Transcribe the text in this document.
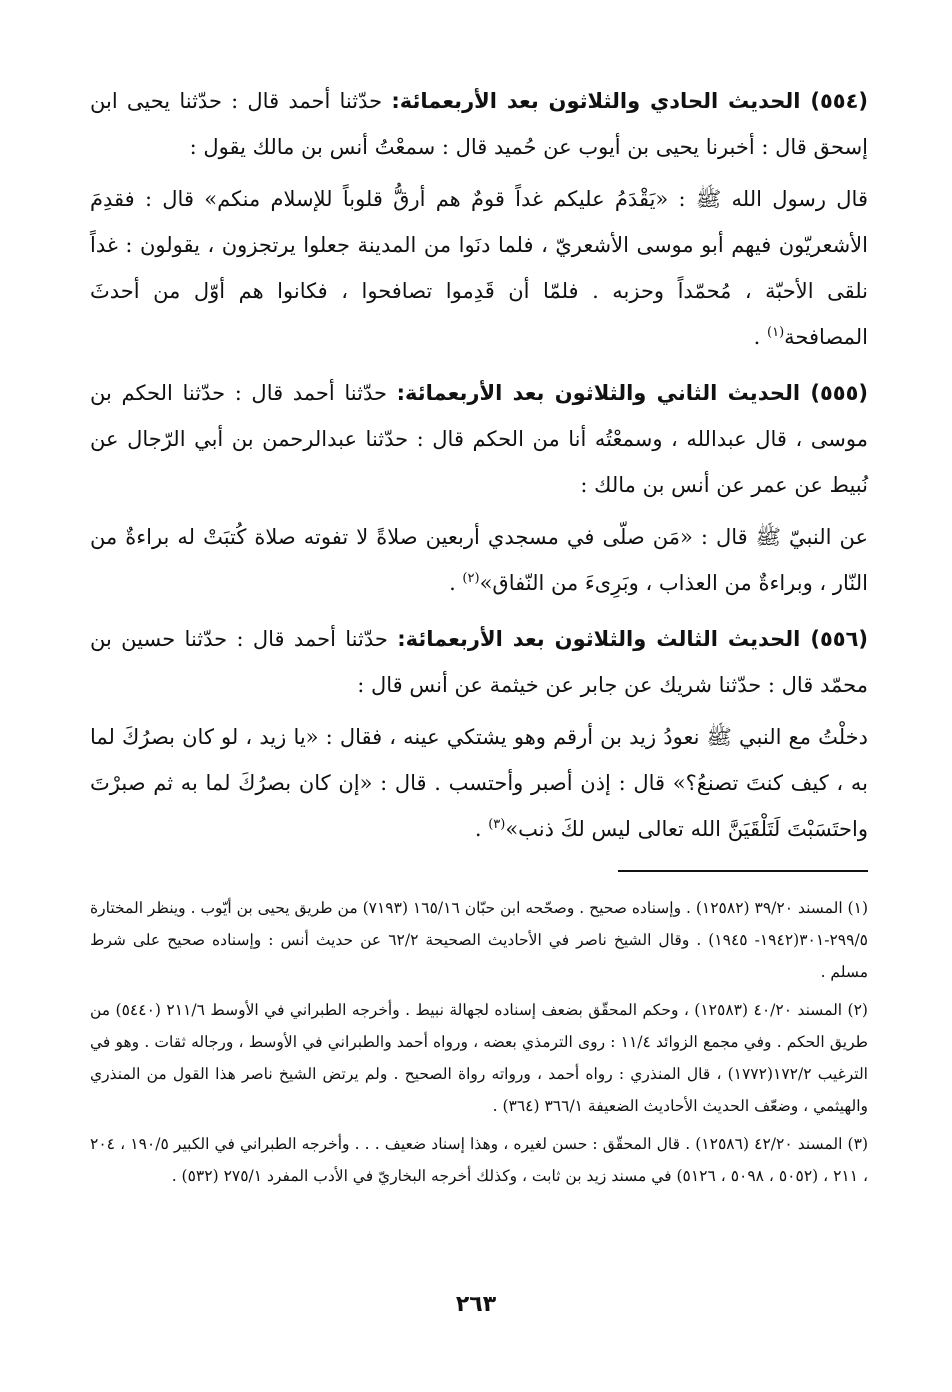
(٥٥٤) الحديث الحادي والثلاثون بعد الأربعمائة: حدّثنا أحمد قال : حدّثنا يحيى ابن إسحق قال : أخبرنا يحيى بن أيوب عن حُميد قال : سمعْتُ أنس بن مالك يقول :

قال رسول الله ﷺ : «يَقْدَمُ عليكم غداً قومٌ هم أرقُّ قلوباً للإسلام منكم» قال : فقدِمَ الأشعريّون فيهم أبو موسى الأشعريّ ، فلما دنَوا من المدينة جعلوا يرتجزون ، يقولون : غداً نلقى الأحبّة ، مُحمّداً وحزبه . فلمّا أن قَدِموا تصافحوا ، فكانوا هم أوّل من أحدثَ المصافحة$^{(١)}$ .

(٥٥٥) الحديث الثاني والثلاثون بعد الأربعمائة: حدّثنا أحمد قال : حدّثنا الحكم بن موسى ، قال عبدالله ، وسمعْتُه أنا من الحكم قال : حدّثنا عبدالرحمن بن أبي الرّجال عن نُبيط عن عمر عن أنس بن مالك :

عن النبيّ ﷺ قال : «مَن صلّى في مسجدي أربعين صلاةً لا تفوته صلاة كُتبَتْ له براءةٌ من النّار ، وبراءةٌ من العذاب ، وبَرِىءَ من النّفاق»$^{(٢)}$ .

(٥٥٦) الحديث الثالث والثلاثون بعد الأربعمائة: حدّثنا أحمد قال : حدّثنا حسين بن محمّد قال : حدّثنا شريك عن جابر عن خيثمة عن أنس قال :

دخلْتُ مع النبي ﷺ نعودُ زيد بن أرقم وهو يشتكي عينه ، فقال : «يا زيد ، لو كان بصرُكَ لما به ، كيف كنتَ تصنعُ؟» قال : إذن أصبر وأحتسب . قال : «إن كان بصرُكَ لما به ثم صبرْتَ واحتَسَبْتَ لَتَلْقَيَنَّ الله تعالى ليس لكَ ذنب»$^{(٣)}$ .

(١) المسند ٣٩/٢٠ (١٢٥٨٢) . وإسناده صحيح . وصحّحه ابن حبّان ١٦٥/١٦ (٧١٩٣) من طريق يحيى بن أيّوب . وينظر المختارة ٢٩٩/٥-٣٠١(١٩٤٢- ١٩٤٥) . وقال الشيخ ناصر في الأحاديث الصحيحة ٦٢/٢ عن حديث أنس : وإسناده صحيح على شرط مسلم .

(٢) المسند ٤٠/٢٠ (١٢٥٨٣) ، وحكم المحقّق بضعف إسناده لجهالة نبيط . وأخرجه الطبراني في الأوسط ٢١١/٦ (٥٤٤٠) من طريق الحكم . وفي مجمع الزوائد ١١/٤ : روى الترمذي بعضه ، ورواه أحمد والطبراني في الأوسط ، ورجاله ثقات . وهو في الترغيب ١٧٢/٢(١٧٧٢) ، قال المنذري : رواه أحمد ، ورواته رواة الصحيح . ولم يرتض الشيخ ناصر هذا القول من المنذري والهيثمي ، وضعّف الحديث الأحاديث الضعيفة ٣٦٦/١ (٣٦٤) .

(٣) المسند ٤٢/٢٠ (١٢٥٨٦) . قال المحقّق : حسن لغيره ، وهذا إسناد ضعيف . . . وأخرجه الطبراني في الكبير ١٩٠/٥ ، ٢٠٤ ، ٢١١ ، (٥٠٥٢ ، ٥٠٩٨ ، ٥١٢٦) في مسند زيد بن ثابت ، وكذلك أخرجه البخاريّ في الأدب المفرد ٢٧٥/١ (٥٣٢) .

٢٦٣
